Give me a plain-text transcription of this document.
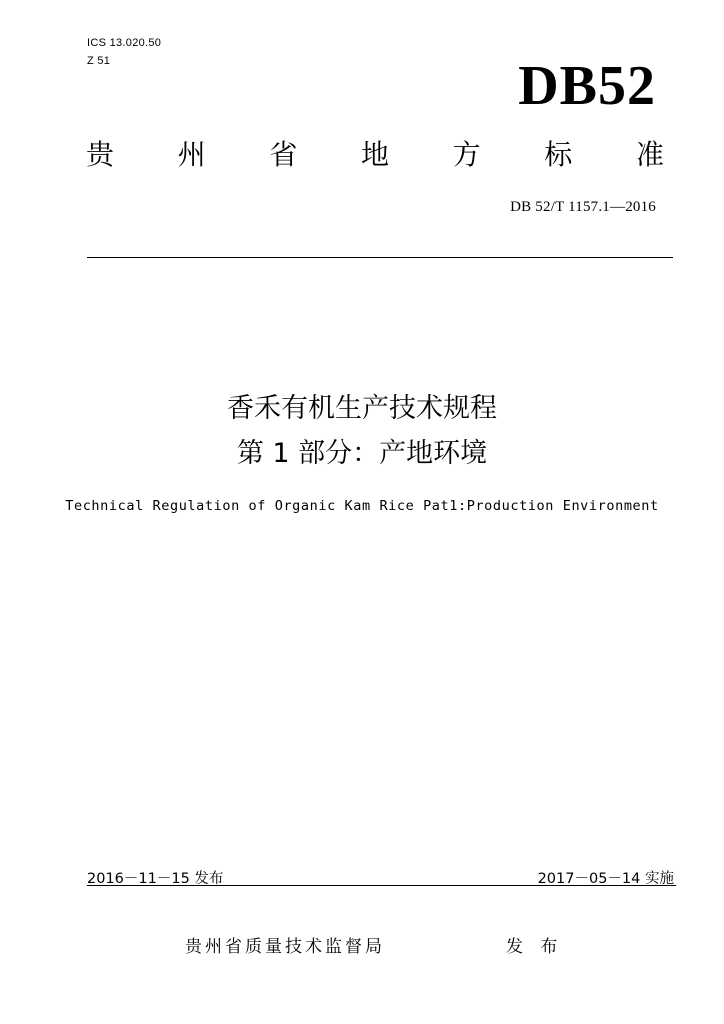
ICS 13.020.50
Z 51	DB52
贵 州 省 地 方 标 准
DB 52/T 1157.1—2016
香禾有机生产技术规程
第 1 部分：产地环境
Technical Regulation of Organic Kam Rice Pat1:Production Environment
2016－11－15 发布	2017－05－14 实施
贵州省质量技术监督局	发 布
